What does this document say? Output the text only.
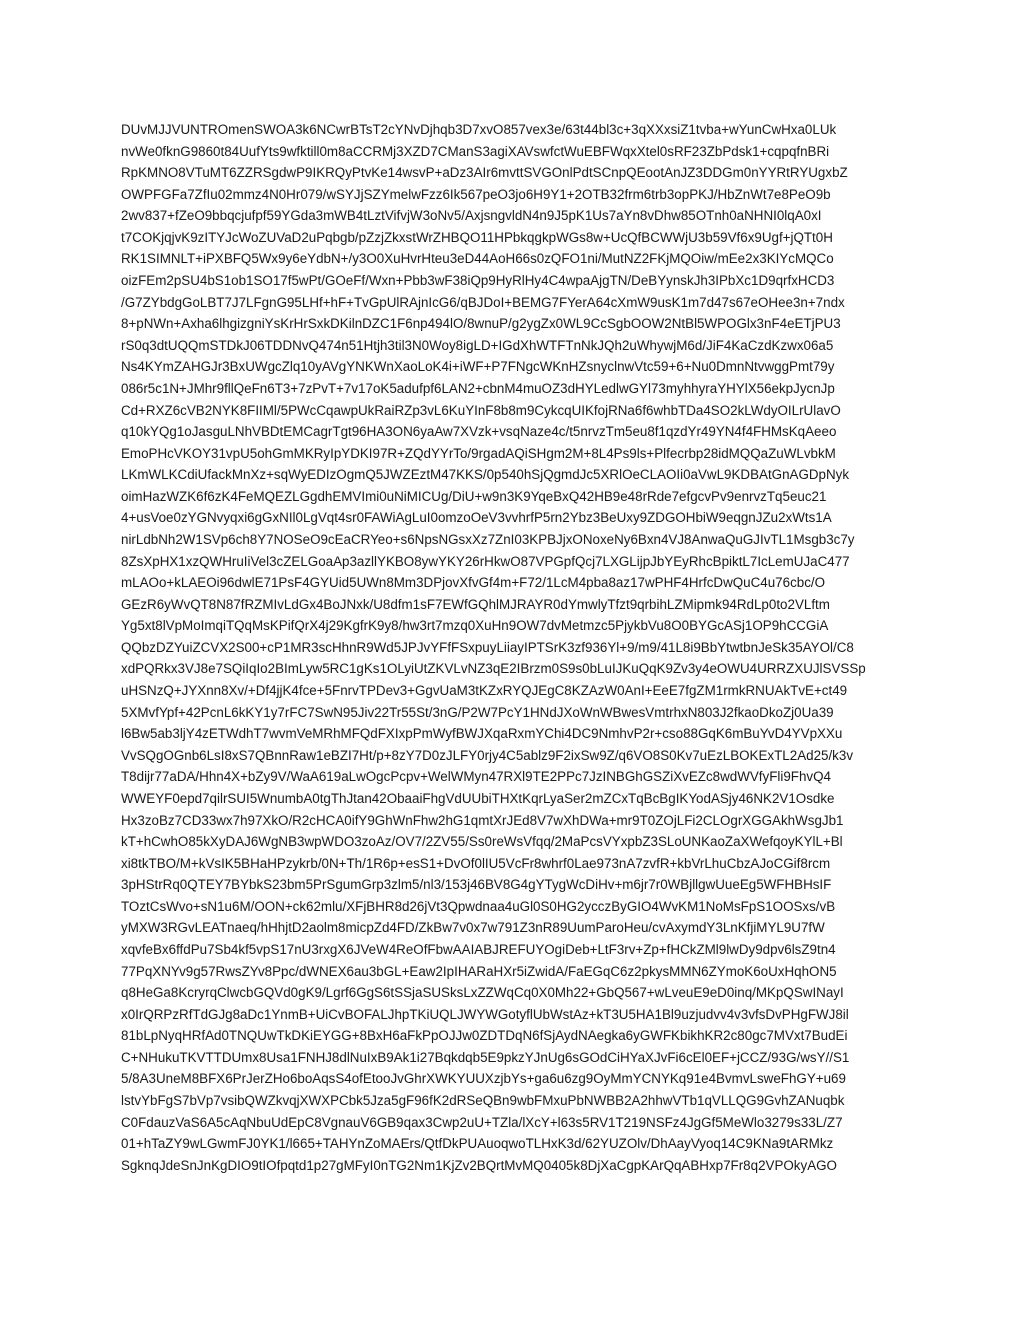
DUvMJJVUNTROmenSWOA3k6NCwrBTsT2cYNvDjhqb3D7xvO857vex3e/63t44bl3c+3qXXxsiZ1tvba+wYunCwHxa0LUk
nvWe0fknG9860t84UufYts9wfktill0m8aCCRMj3XZD7CManS3agiXAVswfctWuEBFWqxXtel0sRF23ZbPdsk1+cqpqfnBRi
RpKMNO8VTuMT6ZZRSgdwP9IKRQyPtvKe14wsvP+aDz3AIr6mvttSVGOnlPdtSCnpQEootAnJZ3DDGm0nYYRtRYUgxbZ
OWPFGFa7ZfIu02mmz4N0Hr079/wSYJjSZYmelwFzz6Ik567peO3jo6H9Y1+2OTB32frm6trb3opPKJ/HbZnWt7e8PeO9b
2wv837+fZeO9bbqcjufpf59YGda3mWB4tLztVifvjW3oNv5/AxjsngvldN4n9J5pK1Us7aYn8vDhw85OTnh0aNHNI0lqA0xI
t7COKjqjvK9zITYJcWoZUVaD2uPqbgb/pZzjZkxstWrZHBQO11HPbkqgkpWGs8w+UcQfBCWWjU3b59Vf6x9Ugf+jQTt0H
RK1SIMNLT+iPXBFQ5Wx9y6eYdbN+/y3O0XuHvrHteu3eD44AoH66s0zQFO1ni/MutNZ2FKjMQOiw/mEe2x3KIYcMQCo
oizFEm2pSU4bS1ob1SO17f5wPt/GOeFf/Wxn+Pbb3wF38iQp9HyRlHy4C4wpaAjgTN/DeBYynskJh3IPbXc1D9qrfxHCD3
/G7ZYbdgGoLBT7J7LFgnG95LHf+hF+TvGpUlRAjnIcG6/qBJDoI+BEMG7FYerA64cXmW9usK1m7d47s67eOHee3n+7ndx
8+pNWn+Axha6lhgizgniYsKrHrSxkDKilnDZC1F6np494lO/8wnuP/g2ygZx0WL9CcSgbOOW2NtBl5WPOGlx3nF4eETjPU3
rS0q3dtUQQmSTDkJ06TDDNvQ474n51Htjh3til3N0Woy8igLD+IGdXhWTFTnNkJQh2uWhywjM6d/JiF4KaCzdKzwx06a5
Ns4KYmZAHGJr3BxUWgcZlq10yAVgYNKWnXaoLoK4i+iWF+P7FNgcWKnHZsnyclnwVtc59+6+Nu0DmnNtvwggPmt79y
086r5c1N+JMhr9fllQeFn6T3+7zPvT+7v17oK5adufpf6LAN2+cbnM4muOZ3dHYLedlwGYl73myhhyraYHYlX56ekpJycnJp
Cd+RXZ6cVB2NYK8FIIMl/5PWcCqawpUkRaiRZp3vL6KuYInF8b8m9CykcqUIKfojRNa6f6whbTDa4SO2kLWdyOILrUlavO
q10kYQg1oJasguLNhVBDtEMCagrTgt96HA3ON6yaAw7XVzk+vsqNaze4c/t5nrvzTm5eu8f1qzdYr49YN4f4FHMsKqAeeo
EmoPHcVKOY31vpU5ohGmMKRyIpYDKI97R+ZQdYYrTo/9rgadAQiSHgm2M+8L4Ps9ls+Plfecrbp28idMQQaZuWLvbkM
LKmWLKCdiUfackMnXz+sqWyEDIzOgmQ5JWZEztM47KKS/0p540hSjQgmdJc5XRlOeCLAOIi0aVwL9KDBAtGnAGDpNyk
oimHazWZK6f6zK4FeMQEZLGgdhEMVImi0uNiMICUg/DiU+w9n3K9YqeBxQ42HB9e48rRde7efgcvPv9enrvzTq5euc21
4+usVoe0zYGNvyqxi6gGxNIl0LgVqt4sr0FAWiAgLuI0omzoOeV3vvhrfP5rn2Ybz3BeUxy9ZDGOHbiW9eqgnJZu2xWts1A
nirLdbNh2W1SVp6ch8Y7NOSeO9cEaCRYeo+s6NpsNGsxXz7ZnI03KPBJjxONoxeNy6Bxn4VJ8AnwaQuGJIvTL1Msgb3c7y
8ZsXpHX1xzQWHruIiVel3cZELGoaAp3azllYKBO8ywYKY26rHkwO87VPGpfQcj7LXGLijpJbYEyRhcBpiktL7IcLemUJaC477
mLAOo+kLAEOi96dwlE71PsF4GYUid5UWn8Mm3DPjovXfvGf4m+F72/1LcM4pba8az17wPHF4HrfcDwQuC4u76cbc/O
GEzR6yWvQT8N87fRZMIvLdGx4BoJNxk/U8dfm1sF7EWfGQhlMJRAYR0dYmwlyTfzt9qrbihLZMipmk94RdLp0to2VLftm
Yg5xt8lVpMoImqiTQqMsKPifQrX4j29KgfrK9y8/hw3rt7mzq0XuHn9OW7dvMetmzc5PjykbVu8O0BYGcASj1OP9hCCGiA
QQbzDZYuiZCVX2S00+cP1MR3scHhnR9Wd5JPJvYFfFSxpuyLiiayIPTSrK3zf936Yl+9/m9/41L8i9BbYtwtbnJeSk35AYOl/C8
xdPQRkx3VJ8e7SQiIqIo2BImLyw5RC1gKs1OLyiUtZKVLvNZ3qE2IBrzm0S9s0bLuIJKuQqK9Zv3y4eOWU4URRZXUJlSVSSp
uHSNzQ+JYXnn8Xv/+Df4jjK4fce+5FnrvTPDev3+GgvUaM3tKZxRYQJEgC8KZAzW0AnI+EeE7fgZM1rmkRNUAkTvE+ct49
5XMvfYpf+42PcnL6kKY1y7rFC7SwN95Jiv22Tr55St/3nG/P2W7PcY1HNdJXoWnWBwesVmtrhxN803J2fkaoDkoZj0Ua39
l6Bw5ab3ljY4zETWdhT7wvmVeMRhMFQdFXIxpPmWyfBWJXqaRxmYChi4DC9NmhvP2r+cso88GqK6mBuYvD4YVpXXu
VvSQgOGnb6LsI8xS7QBnnRaw1eBZI7Ht/p+8zY7D0zJLFY0rjy4C5ablz9F2ixSw9Z/q6VO8S0Kv7uEzLBOKExTL2Ad25/k3v
T8dijr77aDA/Hhn4X+bZy9V/WaA619aLwOgcPcpv+WelWMyn47RXl9TE2PPc7JzINBGhGSZiXvEZc8wdWVfyFli9FhvQ4
WWEYF0epd7qilrSUI5WnumbA0tgThJtan42ObaaiFhgVdUUbiTHXtKqrLyaSer2mZCxTqBcBgIKYodASjy46NK2V1Osdke
Hx3zoBz7CD33wx7h97XkO/R2cHCA0ifY9GhWnFhw2hG1qmtXrJEd8V7wXhDWa+mr9T0ZOjLFi2CLOgrXGGAkhWsgJb1
kT+hCwhO85kXyDAJ6WgNB3wpWDO3zoAz/OV7/2ZV55/Ss0reWsVfqq/2MaPcsVYxpbZ3SLoUNKaoZaXWefqoyKYlL+Bl
xi8tkTBO/M+kVsIK5BHaHPzykrb/0N+Th/1R6p+esS1+DvOf0lIU5VcFr8whrf0Lae973nA7zvfR+kbVrLhuCbzAJoCGif8rcm
3pHStrRq0QTEY7BYbkS23bm5PrSgumGrp3zlm5/nl3/153j46BV8G4gYTygWcDiHv+m6jr7r0WBjllgwUueEg5WFHBHsIF
TOztCsWvo+sN1u6M/OON+ck62mlu/XFjBHR8d26jVt3Qpwdnaa4uGl0S0HG2ycczByGIO4WvKM1NoMsFpS1OOSxs/vB
yMXW3RGvLEATnaeq/hHhjtD2aolm8micpZd4FD/ZkBw7v0x7w791Z3nR89UumParoHeu/cvAxymdY3LnKfjiMYL9U7fW
xqvfeBx6ffdPu7Sb4kf5vpS17nU3rxgX6JVeW4ReOfFbwAAIABJREFUYOgiDeb+LtF3rv+Zp+fHCkZMl9lwDy9dpv6lsZ9tn4
77PqXNYv9g57RwsZYv8Ppc/dWNEX6au3bGL+Eaw2IpIHARaHXr5iZwidA/FaEGqC6z2pkysMMN6ZYmoK6oUxHqhON5
q8HeGa8KcryrqClwcbGQVd0gK9/Lgrf6GgS6tSSjaSUSksLxZZWqCq0X0Mh22+GbQ567+wLveuE9eD0inq/MKpQSwINayI
x0IrQRPzRfTdGJg8aDc1YnmB+UiCvBOFALJhpTKiUQLJWYWGotyflUbWstAz+kT3U5HA1Bl9uzjudvv4v3vfsDvPHgFWJ8il
81bLpNyqHRfAd0TNQUwTkDKiEYGG+8BxH6aFkPpOJJw0ZDTDqN6fSjAydNAegka6yGWFKbikhKR2c80gc7MVxt7BudEi
C+NHukuTKVTTDUmx8Usa1FNHJ8dlNuIxB9Ak1i27Bqkdqb5E9pkzYJnUg6sGOdCiHYaXJvFi6cEl0EF+jCCZ/93G/wsY//S1
5/8A3UneM8BFX6PrJerZHo6boAqsS4ofEtooJvGhrXWKYUUXzjbYs+ga6u6zg9OyMmYCNYKq91e4BvmvLsweFhGY+u69
lstvYbFgS7bVp7vsibQWZkvqjXWXPCbk5Jza5gF96fK2dRSeQBn9wbFMxuPbNWBB2A2hhwVTb1qVLLQG9GvhZANuqbk
C0FdauzVaS6A5cAqNbuUdEpC8VgnauV6GB9qax3Cwp2uU+TZla/lXcY+l63s5RV1T219NSFz4JgGf5MeWlo3279s33L/Z7
01+hTaZY9wLGwmFJ0YK1/l665+TAHYnZoMAErs/QtfDkPUAuoqwoTLHxK3d/62YUZOlv/DhAayVyoq14C9KNa9tARMkz
SgknqJdeSnJnKgDIO9tIOfpqtd1p27gMFyI0nTG2Nm1KjZv2BQrtMvMQ0405k8DjXaCgpKArQqABHxp7Fr8q2VPOkyAGO
